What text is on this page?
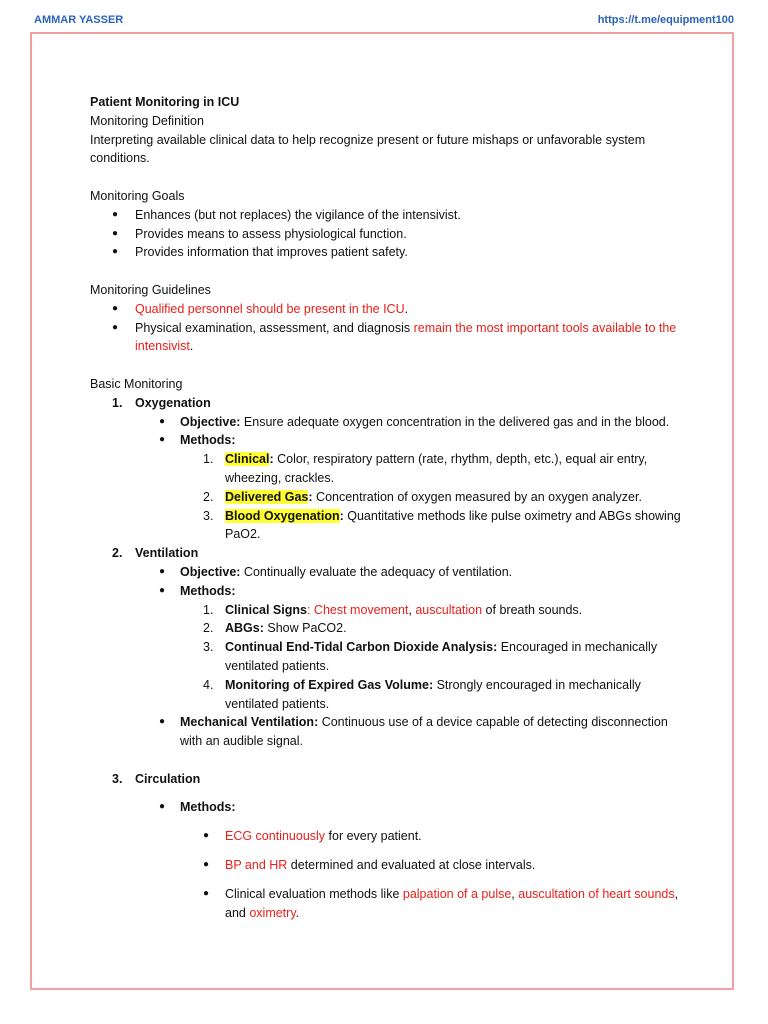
AMMAR YASSER	https://t.me/equipment100

Patient Monitoring in ICU

Monitoring Definition

Interpreting available clinical data to help recognize present or future mishaps or unfavorable system conditions.

Monitoring Goals

● Enhances (but not replaces) the vigilance of the intensivist.
● Provides means to assess physiological function.
● Provides information that improves patient safety.

Monitoring Guidelines

● Qualified personnel should be present in the ICU.
● Physical examination, assessment, and diagnosis remain the most important tools available to the intensivist.

Basic Monitoring

1. Oxygenation
● Objective: Ensure adequate oxygen concentration in the delivered gas and in the blood.
● Methods:
1. Clinical: Color, respiratory pattern (rate, rhythm, depth, etc.), equal air entry, wheezing, crackles.
2. Delivered Gas: Concentration of oxygen measured by an oxygen analyzer.
3. Blood Oxygenation: Quantitative methods like pulse oximetry and ABGs showing PaO2.
2. Ventilation
● Objective: Continually evaluate the adequacy of ventilation.
● Methods:
1. Clinical Signs: Chest movement, auscultation of breath sounds.
2. ABGs: Show PaCO2.
3. Continual End-Tidal Carbon Dioxide Analysis: Encouraged in mechanically ventilated patients.
4. Monitoring of Expired Gas Volume: Strongly encouraged in mechanically ventilated patients.
● Mechanical Ventilation: Continuous use of a device capable of detecting disconnection with an audible signal.
3. Circulation
● Methods:
● ECG continuously for every patient.
● BP and HR determined and evaluated at close intervals.
● Clinical evaluation methods like palpation of a pulse, auscultation of heart sounds, and oximetry.
